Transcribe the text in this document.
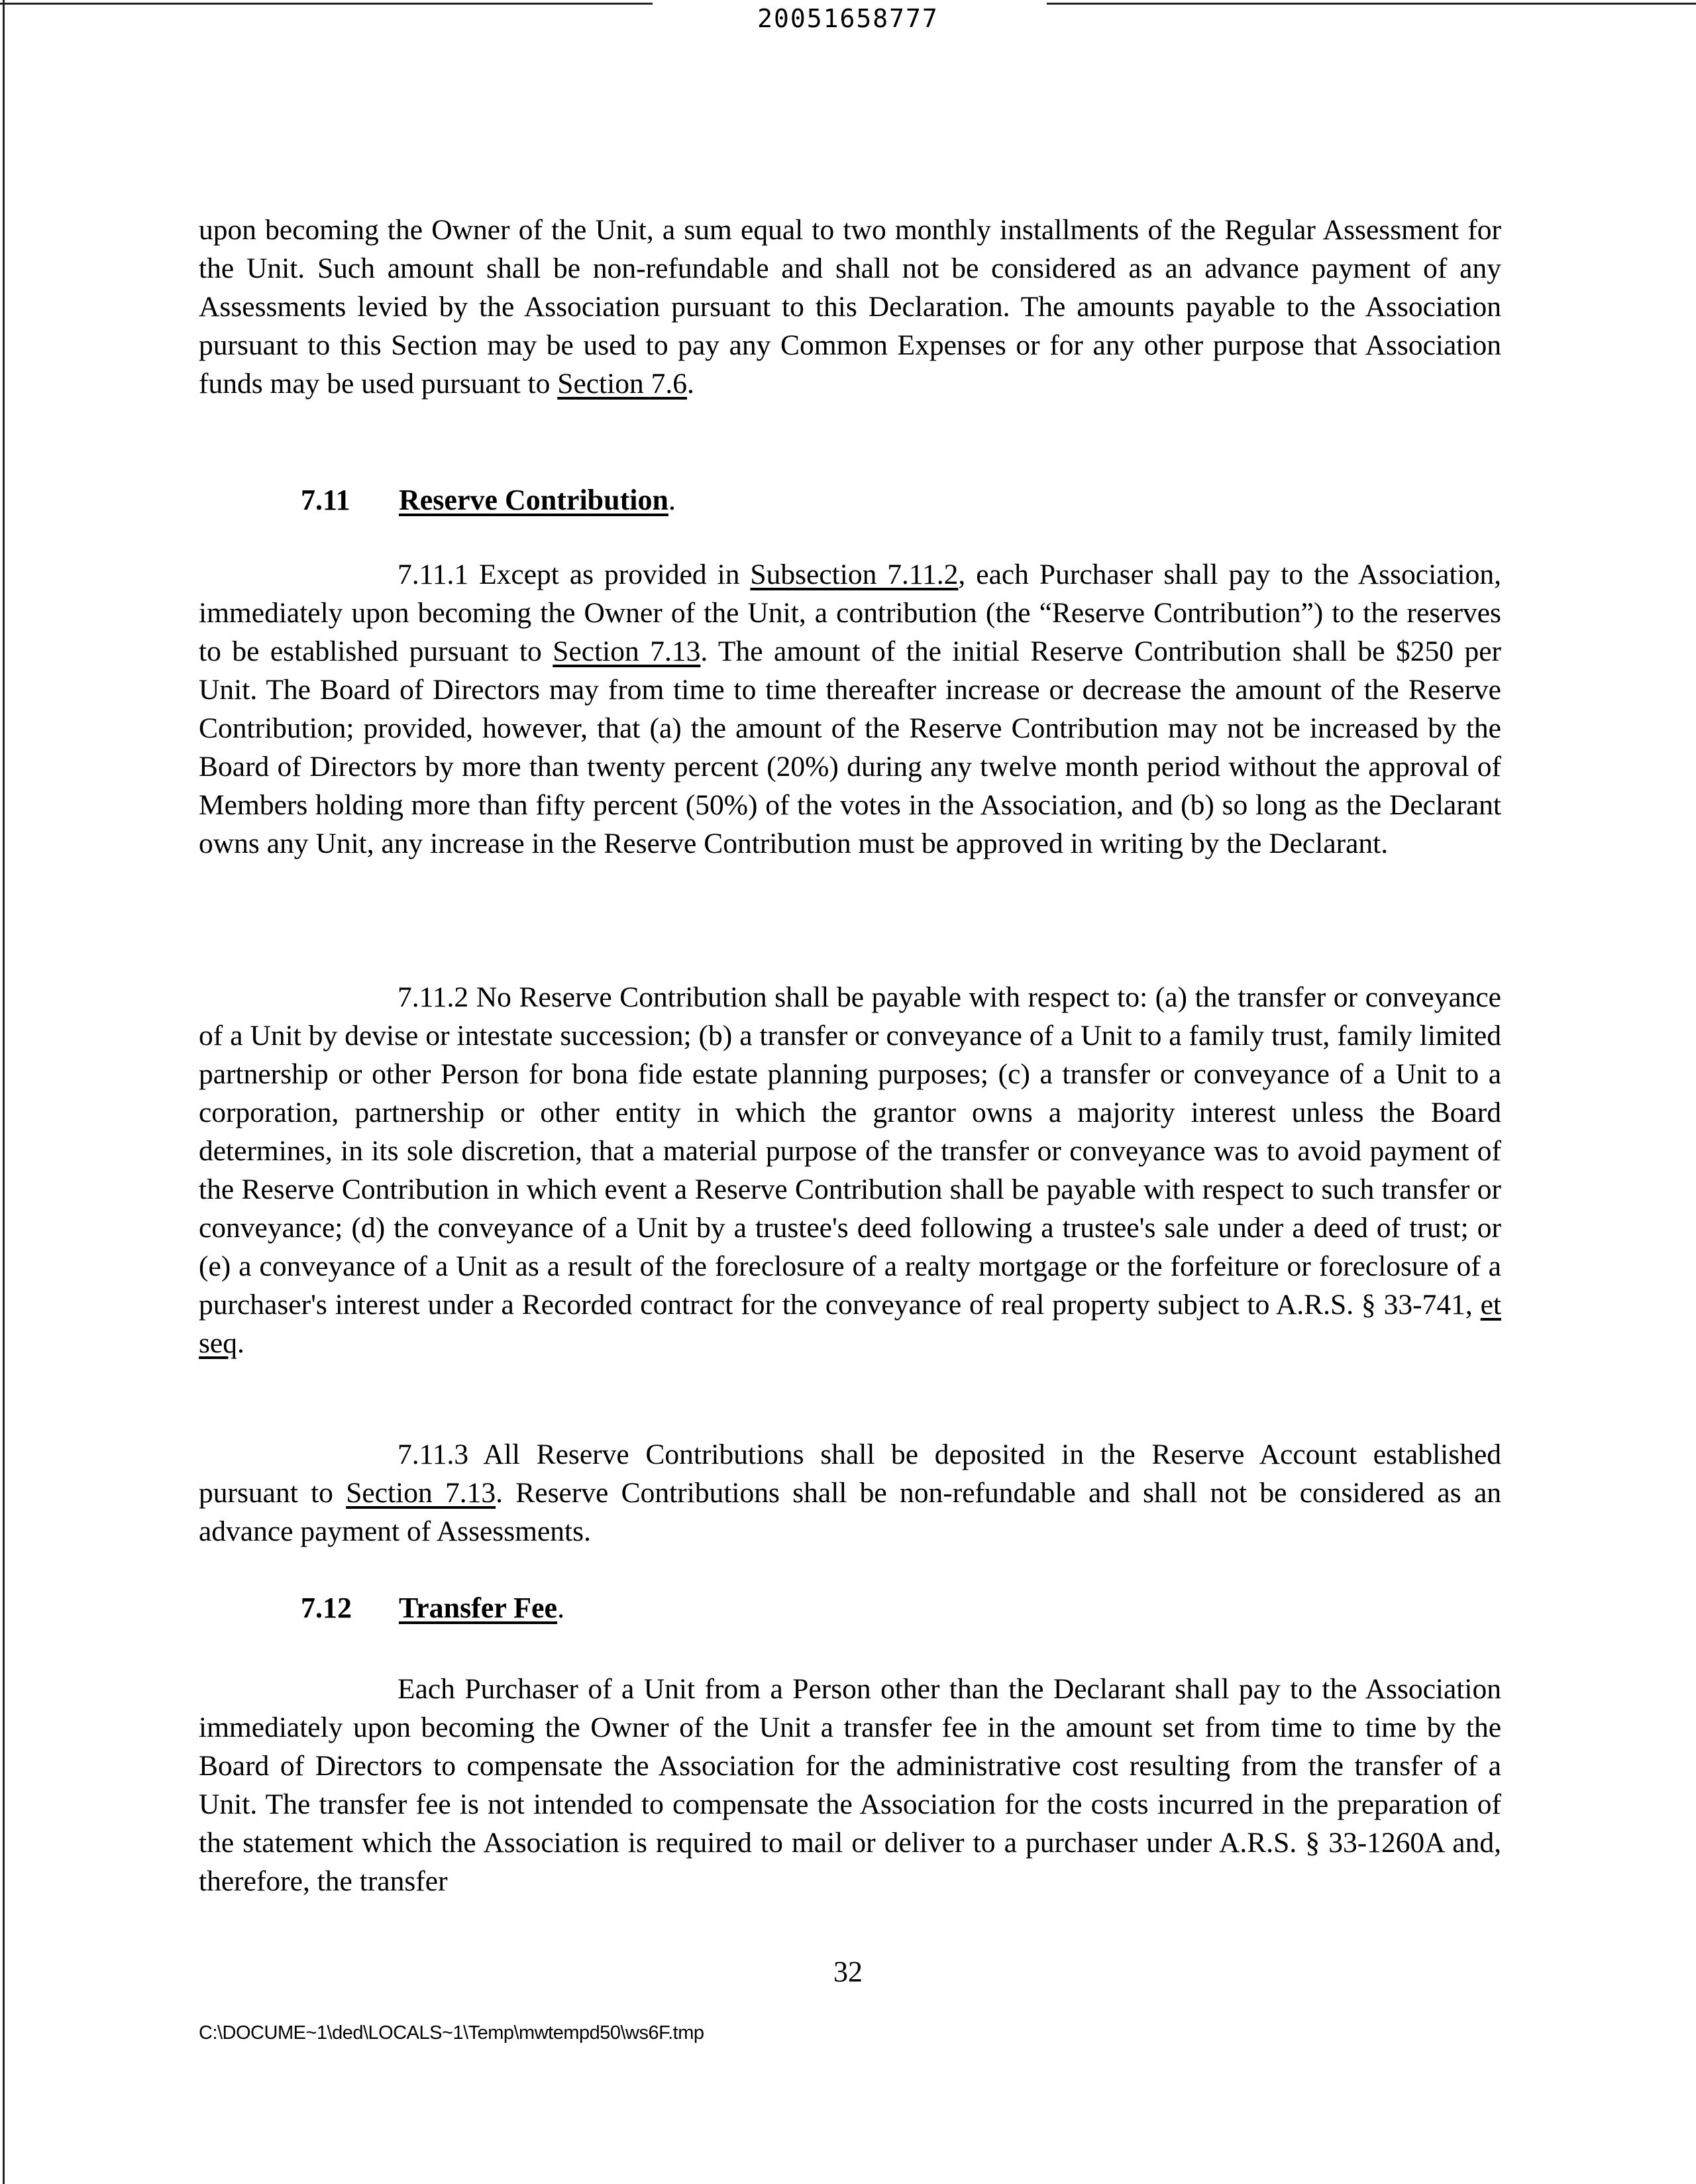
20051658777

upon becoming the Owner of the Unit, a sum equal to two monthly installments of the Regular Assessment for the Unit. Such amount shall be non-refundable and shall not be considered as an advance payment of any Assessments levied by the Association pursuant to this Declaration. The amounts payable to the Association pursuant to this Section may be used to pay any Common Expenses or for any other purpose that Association funds may be used pursuant to Section 7.6.

7.11 Reserve Contribution.

7.11.1 Except as provided in Subsection 7.11.2, each Purchaser shall pay to the Association, immediately upon becoming the Owner of the Unit, a contribution (the “Reserve Contribution”) to the reserves to be established pursuant to Section 7.13. The amount of the initial Reserve Contribution shall be $250 per Unit. The Board of Directors may from time to time thereafter increase or decrease the amount of the Reserve Contribution; provided, however, that (a) the amount of the Reserve Contribution may not be increased by the Board of Directors by more than twenty percent (20%) during any twelve month period without the approval of Members holding more than fifty percent (50%) of the votes in the Association, and (b) so long as the Declarant owns any Unit, any increase in the Reserve Contribution must be approved in writing by the Declarant.

7.11.2 No Reserve Contribution shall be payable with respect to: (a) the transfer or conveyance of a Unit by devise or intestate succession; (b) a transfer or conveyance of a Unit to a family trust, family limited partnership or other Person for bona fide estate planning purposes; (c) a transfer or conveyance of a Unit to a corporation, partnership or other entity in which the grantor owns a majority interest unless the Board determines, in its sole discretion, that a material purpose of the transfer or conveyance was to avoid payment of the Reserve Contribution in which event a Reserve Contribution shall be payable with respect to such transfer or conveyance; (d) the conveyance of a Unit by a trustee's deed following a trustee's sale under a deed of trust; or (e) a conveyance of a Unit as a result of the foreclosure of a realty mortgage or the forfeiture or foreclosure of a purchaser's interest under a Recorded contract for the conveyance of real property subject to A.R.S. § 33-741, et seq.

7.11.3 All Reserve Contributions shall be deposited in the Reserve Account established pursuant to Section 7.13. Reserve Contributions shall be non-refundable and shall not be considered as an advance payment of Assessments.

7.12 Transfer Fee.

Each Purchaser of a Unit from a Person other than the Declarant shall pay to the Association immediately upon becoming the Owner of the Unit a transfer fee in the amount set from time to time by the Board of Directors to compensate the Association for the administrative cost resulting from the transfer of a Unit. The transfer fee is not intended to compensate the Association for the costs incurred in the preparation of the statement which the Association is required to mail or deliver to a purchaser under A.R.S. § 33-1260A and, therefore, the transfer

32
C:\DOCUME~1\ded\LOCALS~1\Temp\mwtempd50\ws6F.tmp
